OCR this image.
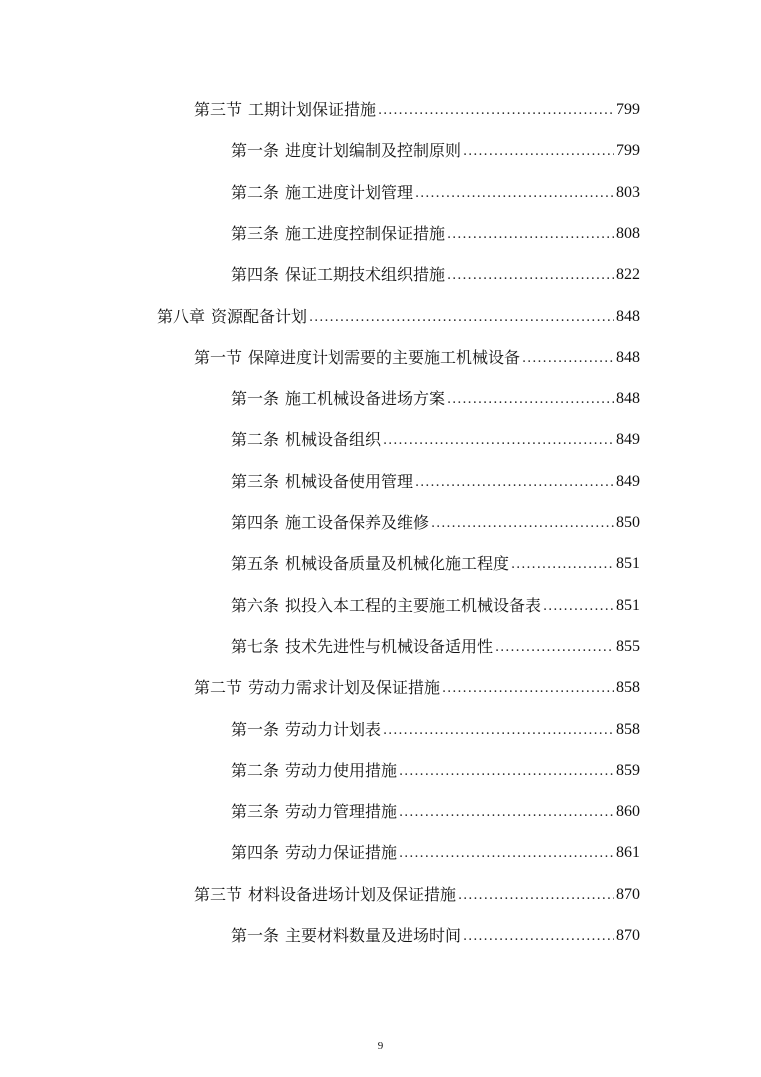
第三节 工期计划保证措施 .....	799
第一条 进度计划编制及控制原则 .....	799
第二条 施工进度计划管理 .....	803
第三条 施工进度控制保证措施 .....	808
第四条 保证工期技术组织措施 .....	822
第八章 资源配备计划 .....	848
第一节 保障进度计划需要的主要施工机械设备 .....	848
第一条 施工机械设备进场方案 .....	848
第二条 机械设备组织 .....	849
第三条 机械设备使用管理 .....	849
第四条 施工设备保养及维修 .....	850
第五条 机械设备质量及机械化施工程度 .....	851
第六条 拟投入本工程的主要施工机械设备表 .....	851
第七条 技术先进性与机械设备适用性 .....	855
第二节 劳动力需求计划及保证措施 .....	858
第一条 劳动力计划表 .....	858
第二条 劳动力使用措施 .....	859
第三条 劳动力管理措施 .....	860
第四条 劳动力保证措施 .....	861
第三节 材料设备进场计划及保证措施 .....	870
第一条 主要材料数量及进场时间 .....	870
9
